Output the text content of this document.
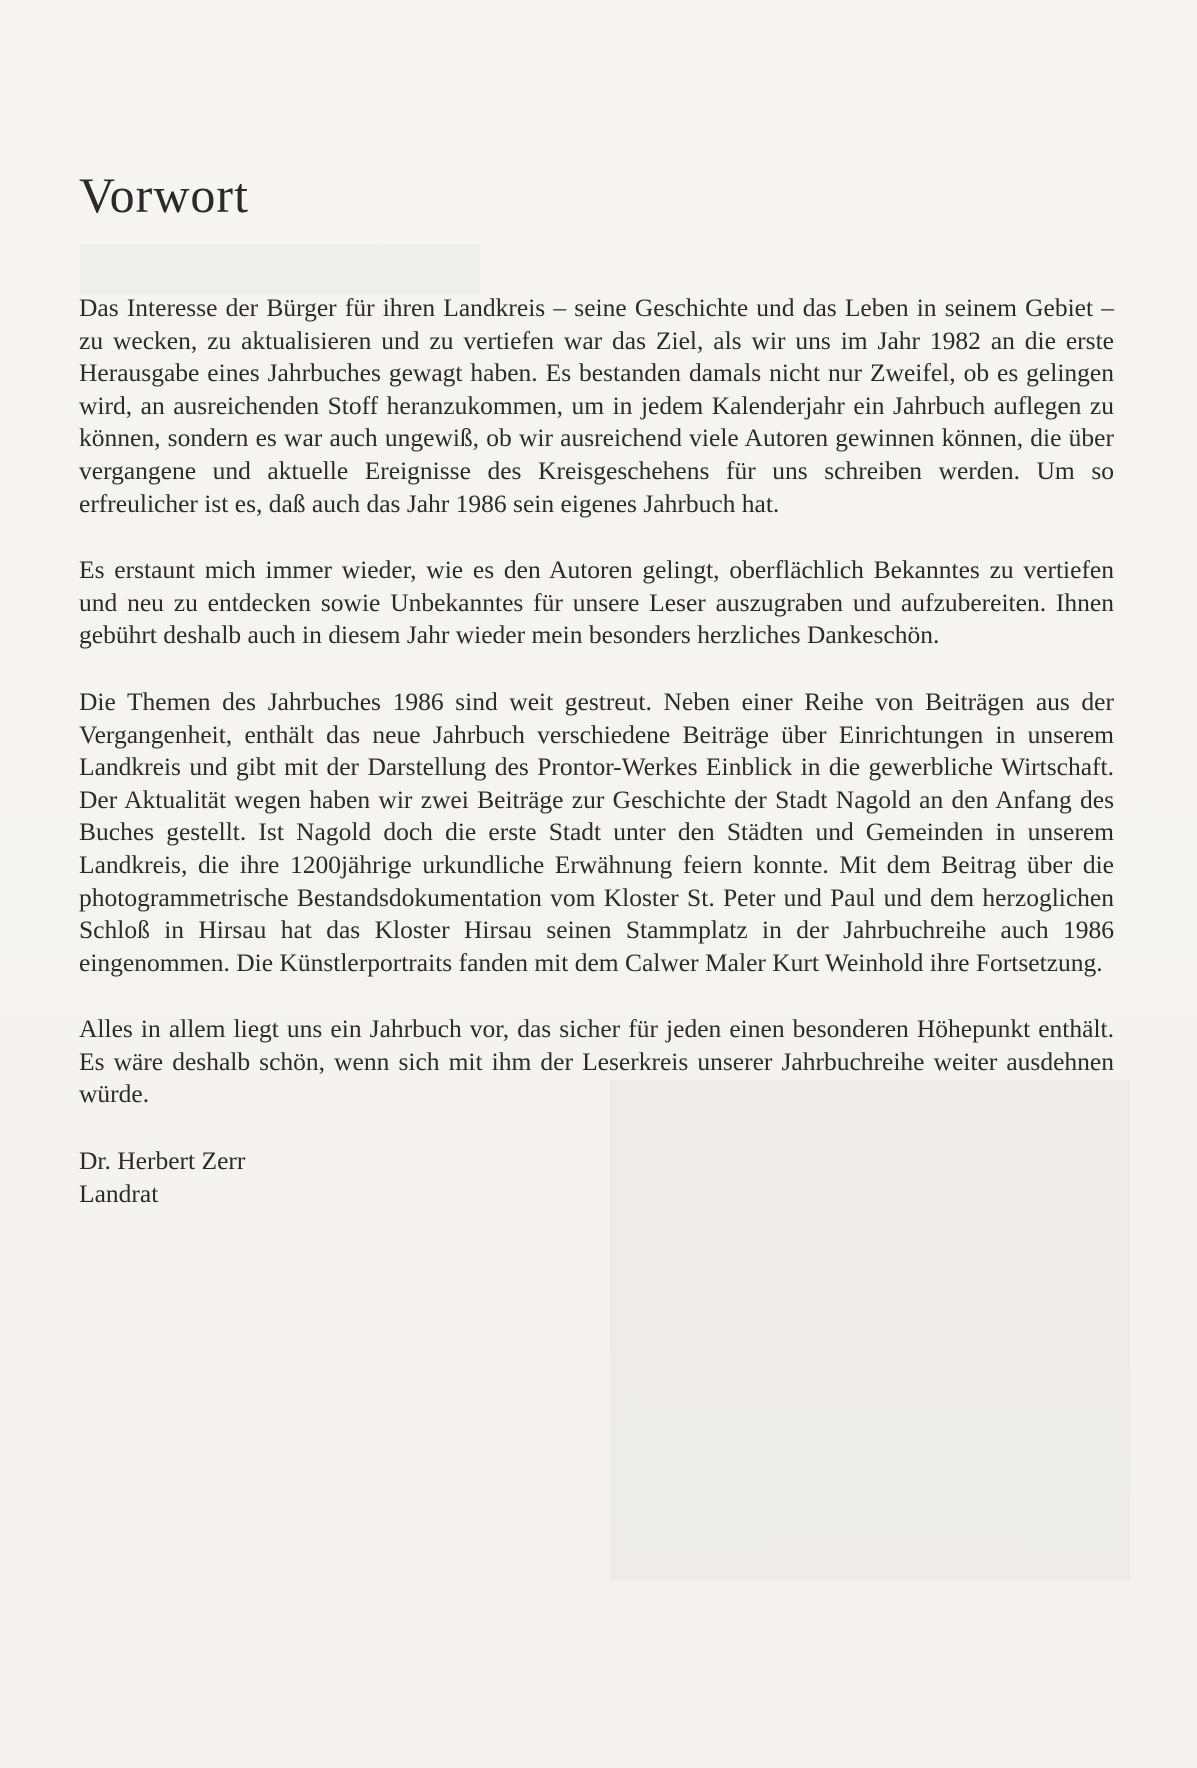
Vorwort

Das Interesse der Bürger für ihren Landkreis – seine Geschichte und das Leben in seinem Gebiet – zu wecken, zu aktualisieren und zu vertiefen war das Ziel, als wir uns im Jahr 1982 an die erste Herausgabe eines Jahrbuches gewagt haben. Es bestanden damals nicht nur Zweifel, ob es gelingen wird, an ausreichenden Stoff heranzukommen, um in jedem Kalenderjahr ein Jahrbuch auflegen zu können, sondern es war auch ungewiß, ob wir ausreichend viele Autoren gewinnen können, die über vergangene und aktuelle Ereignisse des Kreisgeschehens für uns schreiben werden. Um so erfreulicher ist es, daß auch das Jahr 1986 sein eigenes Jahrbuch hat.

Es erstaunt mich immer wieder, wie es den Autoren gelingt, oberflächlich Bekanntes zu vertiefen und neu zu entdecken sowie Unbekanntes für unsere Leser auszugraben und aufzubereiten. Ihnen gebührt deshalb auch in diesem Jahr wieder mein besonders herzliches Dankeschön.

Die Themen des Jahrbuches 1986 sind weit gestreut. Neben einer Reihe von Beiträgen aus der Vergangenheit, enthält das neue Jahrbuch verschiedene Beiträge über Einrichtungen in unserem Landkreis und gibt mit der Darstellung des Prontor-Werkes Einblick in die gewerbliche Wirtschaft. Der Aktualität wegen haben wir zwei Beiträge zur Geschichte der Stadt Nagold an den Anfang des Buches gestellt. Ist Nagold doch die erste Stadt unter den Städten und Gemeinden in unserem Landkreis, die ihre 1200jährige urkundliche Erwähnung feiern konnte. Mit dem Beitrag über die photogrammetrische Bestandsdokumentation vom Kloster St. Peter und Paul und dem herzoglichen Schloß in Hirsau hat das Kloster Hirsau seinen Stammplatz in der Jahrbuchreihe auch 1986 eingenommen. Die Künstlerportraits fanden mit dem Calwer Maler Kurt Weinhold ihre Fortsetzung.

Alles in allem liegt uns ein Jahrbuch vor, das sicher für jeden einen besonderen Höhepunkt enthält. Es wäre deshalb schön, wenn sich mit ihm der Leserkreis unserer Jahrbuchreihe weiter ausdehnen würde.

Dr. Herbert Zerr
Landrat
